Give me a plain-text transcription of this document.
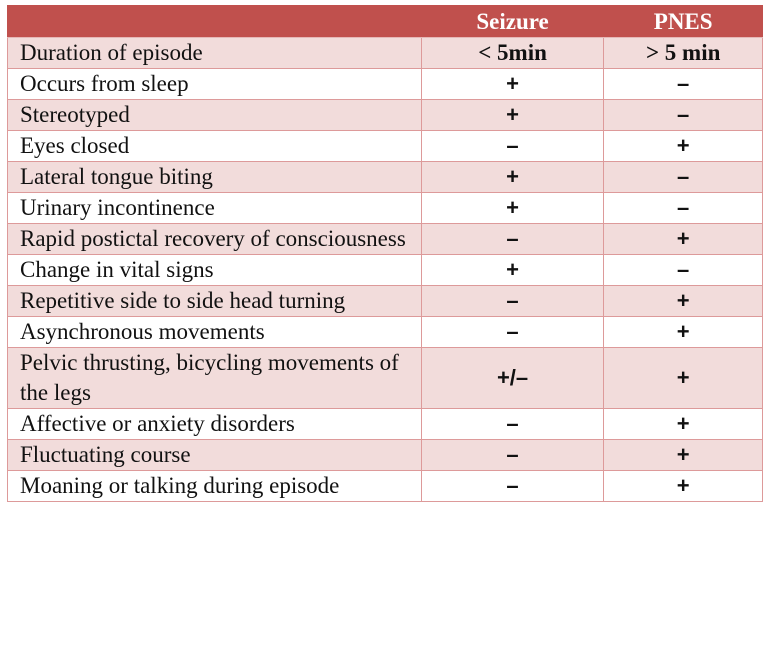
	Seizure	PNES
Duration of episode	< 5min	> 5 min
Occurs from sleep	+	–
Stereotyped	+	–
Eyes closed	–	+
Lateral tongue biting	+	–
Urinary incontinence	+	–
Rapid postictal recovery of consciousness	–	+
Change in vital signs	+	–
Repetitive side to side head turning	–	+
Asynchronous movements	–	+
Pelvic thrusting, bicycling movements of the legs	+/–	+
Affective or anxiety disorders	–	+
Fluctuating course	–	+
Moaning or talking during episode	–	+
